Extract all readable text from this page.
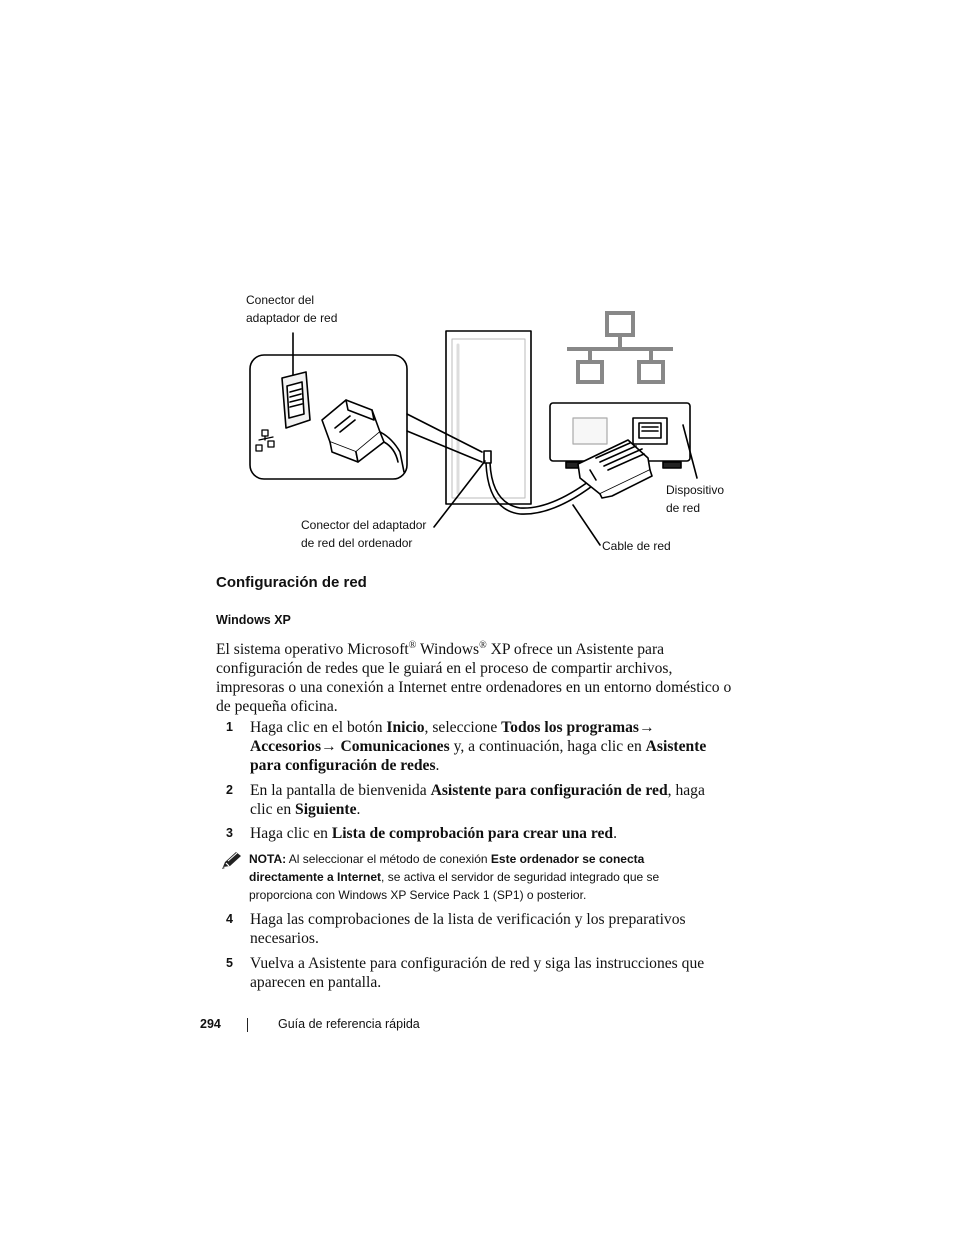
Conector del
adaptador de red
Conector del adaptador
de red del ordenador
Dispositivo
de red
Cable de red
Configuración de red
Windows XP
El sistema operativo Microsoft® Windows® XP ofrece un Asistente para configuración de redes que le guiará en el proceso de compartir archivos, impresoras o una conexión a Internet entre ordenadores en un entorno doméstico o de pequeña oficina.
1 Haga clic en el botón Inicio, seleccione Todos los programas→ Accesorios→ Comunicaciones y, a continuación, haga clic en Asistente para configuración de redes.
2 En la pantalla de bienvenida Asistente para configuración de red, haga clic en Siguiente.
3 Haga clic en Lista de comprobación para crear una red.
NOTA: Al seleccionar el método de conexión Este ordenador se conecta directamente a Internet, se activa el servidor de seguridad integrado que se proporciona con Windows XP Service Pack 1 (SP1) o posterior.
4 Haga las comprobaciones de la lista de verificación y los preparativos necesarios.
5 Vuelva a Asistente para configuración de red y siga las instrucciones que aparecen en pantalla.
294	Guía de referencia rápida
